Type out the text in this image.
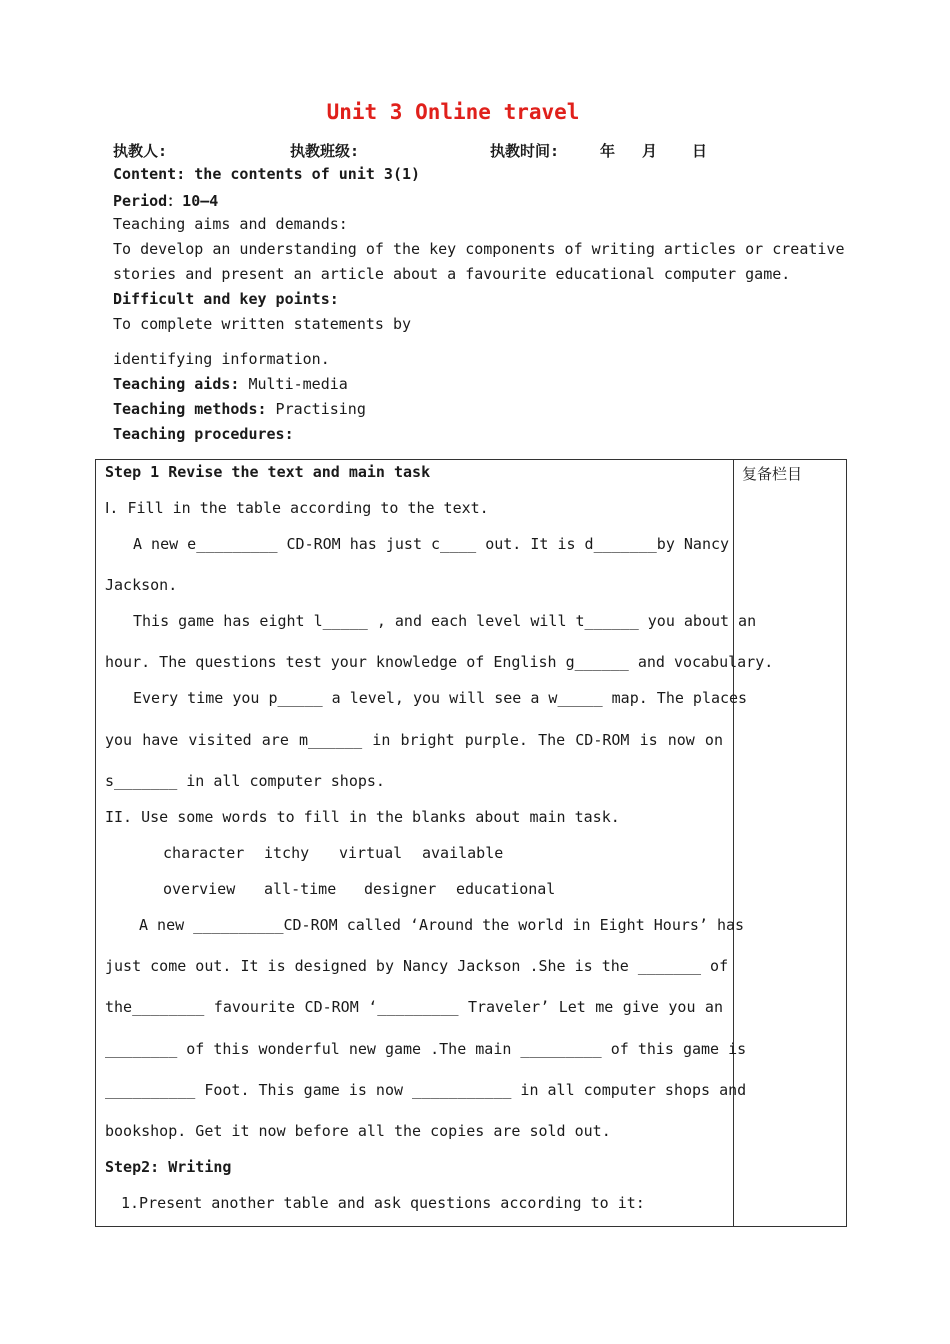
Unit 3 Online travel
执教人:	执教班级:	执教时间:	年 月 日
Content: the contents of unit 3(1)
Period：10—4
Teaching aims and demands:
To develop an understanding of the key components of writing articles or creative
stories and present an article about a favourite educational computer game.
Difficult and key points:
To complete written statements by
identifying information.
Teaching aids: Multi-media
Teaching methods: Practising
Teaching procedures:
复备栏目
Step 1 Revise the text and main task
Ⅰ. Fill in the table according to the text.
A new e_________ CD-ROM has just c____ out. It is d_______by Nancy
Jackson.
This game has eight l_____ , and each level will t______ you about an
hour. The questions test your knowledge of English g______ and vocabulary.
Every time you p_____ a level, you will see a w_____ map. The places
you have visited are m______ in bright purple. The CD-ROM is now on
s_______ in all computer shops.
II. Use some words to fill in the blanks about main task.
character itchy virtual available
overview all-time designer educational
A new __________CD-ROM called ‘Around the world in Eight Hours’ has
just come out. It is designed by Nancy Jackson .She is the _______ of
the________ favourite CD-ROM ‘_________ Traveler’ Let me give you an
________ of this wonderful new game .The main _________ of this game is
__________ Foot. This game is now ___________ in all computer shops and
bookshop. Get it now before all the copies are sold out.
Step2: Writing
1.Present another table and ask questions according to it:
